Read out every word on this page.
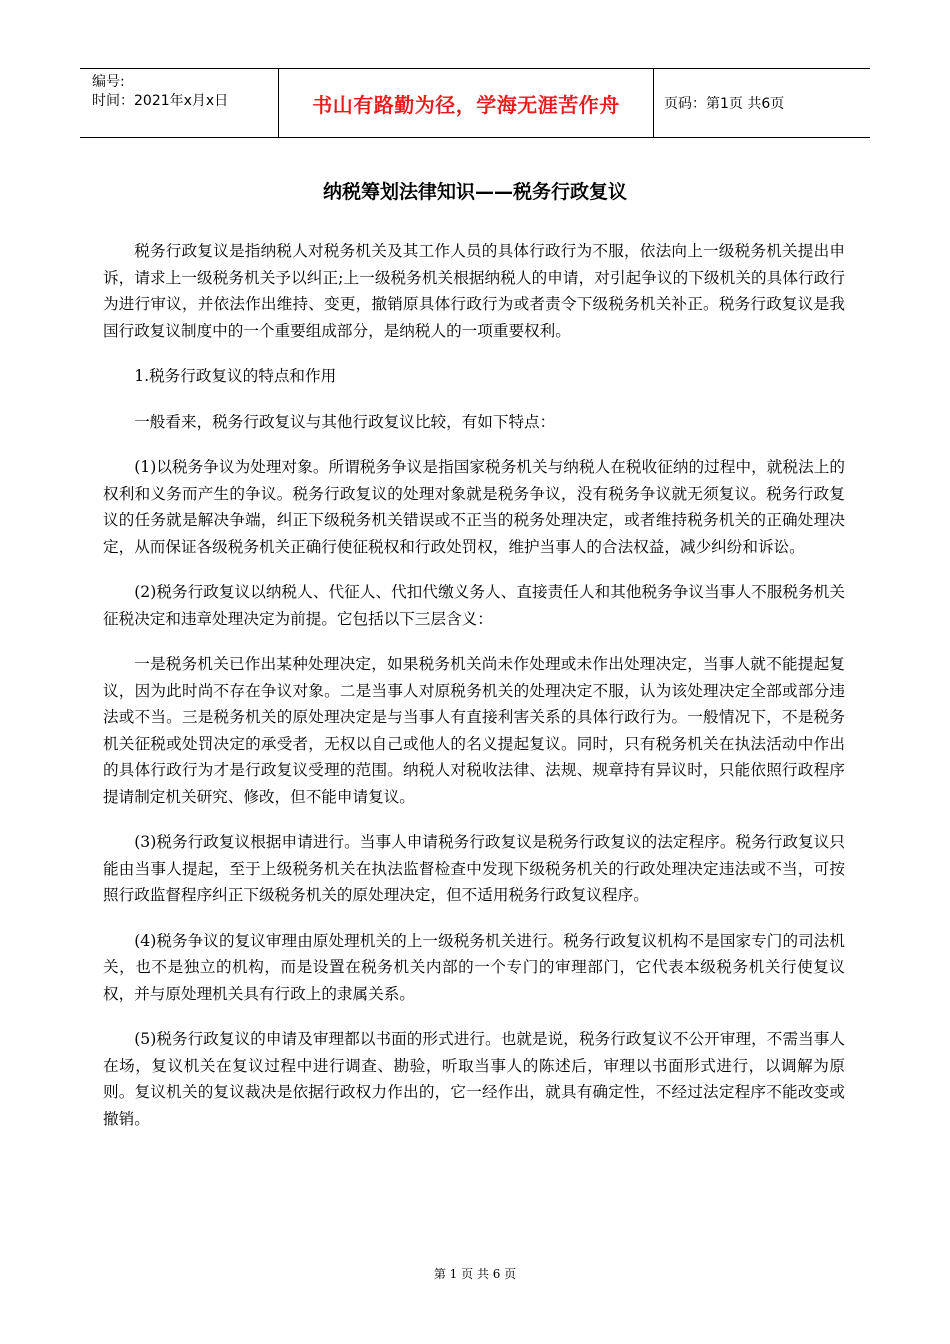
编号:
时间：2021年x月x日	书山有路勤为径，学海无涯苦作舟	页码：第1页 共6页
纳税筹划法律知识——税务行政复议

税务行政复议是指纳税人对税务机关及其工作人员的具体行政行为不服，依法向上一级税务机关提出申诉，请求上一级税务机关予以纠正;上一级税务机关根据纳税人的申请，对引起争议的下级机关的具体行政行为进行审议，并依法作出维持、变更，撤销原具体行政行为或者责令下级税务机关补正。税务行政复议是我国行政复议制度中的一个重要组成部分，是纳税人的一项重要权利。

1.税务行政复议的特点和作用

一般看来，税务行政复议与其他行政复议比较，有如下特点：

(1)以税务争议为处理对象。所谓税务争议是指国家税务机关与纳税人在税收征纳的过程中，就税法上的权利和义务而产生的争议。税务行政复议的处理对象就是税务争议，没有税务争议就无须复议。税务行政复议的任务就是解决争端，纠正下级税务机关错误或不正当的税务处理决定，或者维持税务机关的正确处理决定，从而保证各级税务机关正确行使征税权和行政处罚权，维护当事人的合法权益，减少纠纷和诉讼。

(2)税务行政复议以纳税人、代征人、代扣代缴义务人、直接责任人和其他税务争议当事人不服税务机关征税决定和违章处理决定为前提。它包括以下三层含义：

一是税务机关已作出某种处理决定，如果税务机关尚未作处理或未作出处理决定，当事人就不能提起复议，因为此时尚不存在争议对象。二是当事人对原税务机关的处理决定不服，认为该处理决定全部或部分违法或不当。三是税务机关的原处理决定是与当事人有直接利害关系的具体行政行为。一般情况下，不是税务机关征税或处罚决定的承受者，无权以自己或他人的名义提起复议。同时，只有税务机关在执法活动中作出的具体行政行为才是行政复议受理的范围。纳税人对税收法律、法规、规章持有异议时，只能依照行政程序提请制定机关研究、修改，但不能申请复议。

(3)税务行政复议根据申请进行。当事人申请税务行政复议是税务行政复议的法定程序。税务行政复议只能由当事人提起，至于上级税务机关在执法监督检查中发现下级税务机关的行政处理决定违法或不当，可按照行政监督程序纠正下级税务机关的原处理决定，但不适用税务行政复议程序。

(4)税务争议的复议审理由原处理机关的上一级税务机关进行。税务行政复议机构不是国家专门的司法机关，也不是独立的机构，而是设置在税务机关内部的一个专门的审理部门，它代表本级税务机关行使复议权，并与原处理机关具有行政上的隶属关系。

(5)税务行政复议的申请及审理都以书面的形式进行。也就是说，税务行政复议不公开审理，不需当事人在场，复议机关在复议过程中进行调查、勘验，听取当事人的陈述后，审理以书面形式进行，以调解为原则。复议机关的复议裁决是依据行政权力作出的，它一经作出，就具有确定性，不经过法定程序不能改变或撤销。

第 1 页 共 6 页
